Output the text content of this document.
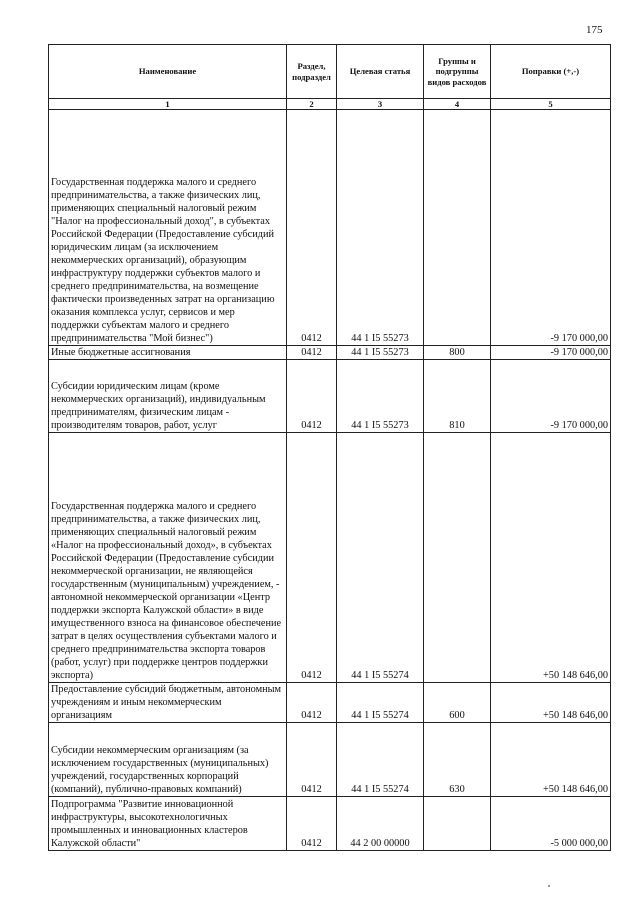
175
Наименование	Раздел, подраздел	Целевая статья	Группы и подгруппы видов расходов	Поправки (+,-)
1	2	3	4	5
Государственная поддержка малого и среднего предпринимательства, а также физических лиц, применяющих специальный налоговый режим "Налог на профессиональный доход", в субъектах Российской Федерации (Предоставление субсидий юридическим лицам (за исключением некоммерческих организаций), образующим инфраструктуру поддержки субъектов малого и среднего предпринимательства, на возмещение фактически произведенных затрат на организацию оказания комплекса услуг, сервисов и мер поддержки субъектам малого и среднего предпринимательства "Мой бизнес")	0412	44 1 I5 55273		-9 170 000,00
Иные бюджетные ассигнования	0412	44 1 I5 55273	800	-9 170 000,00
Субсидии юридическим лицам (кроме некоммерческих организаций), индивидуальным предпринимателям, физическим лицам - производителям товаров, работ, услуг	0412	44 1 I5 55273	810	-9 170 000,00
Государственная поддержка малого и среднего предпринимательства, а также физических лиц, применяющих специальный налоговый режим «Налог на профессиональный доход», в субъектах Российской Федерации (Предоставление субсидии некоммерческой организации, не являющейся государственным (муниципальным) учреждением, - автономной некоммерческой организации «Центр поддержки экспорта Калужской области» в виде имущественного взноса на финансовое обеспечение затрат в целях осуществления субъектами малого и среднего предпринимательства экспорта товаров (работ, услуг) при поддержке центров поддержки экспорта)	0412	44 1 I5 55274		+50 148 646,00
Предоставление субсидий бюджетным, автономным учреждениям и иным некоммерческим организациям	0412	44 1 I5 55274	600	+50 148 646,00
Субсидии некоммерческим организациям (за исключением государственных (муниципальных) учреждений, государственных корпораций (компаний), публично-правовых компаний)	0412	44 1 I5 55274	630	+50 148 646,00
Подпрограмма "Развитие инновационной инфраструктуры, высокотехнологичных промышленных и инновационных кластеров Калужской области"	0412	44 2 00 00000		-5 000 000,00
